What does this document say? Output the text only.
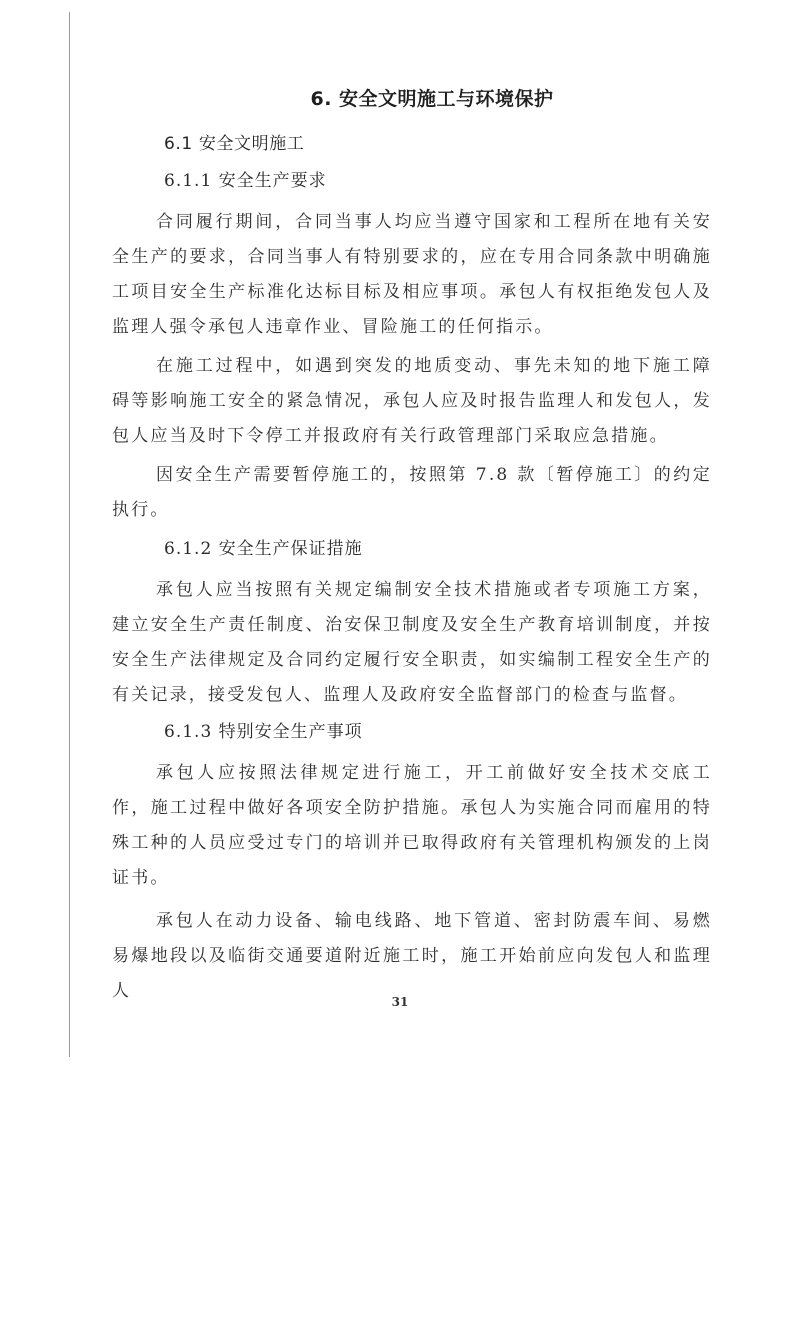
6. 安全文明施工与环境保护
6.1 安全文明施工
6.1.1 安全生产要求

合同履行期间，合同当事人均应当遵守国家和工程所在地有关安全生产的要求，合同当事人有特别要求的，应在专用合同条款中明确施工项目安全生产标准化达标目标及相应事项。承包人有权拒绝发包人及监理人强令承包人违章作业、冒险施工的任何指示。

在施工过程中，如遇到突发的地质变动、事先未知的地下施工障碍等影响施工安全的紧急情况，承包人应及时报告监理人和发包人，发包人应当及时下令停工并报政府有关行政管理部门采取应急措施。

因安全生产需要暂停施工的，按照第 7.8 款〔暂停施工〕的约定执行。

6.1.2 安全生产保证措施

承包人应当按照有关规定编制安全技术措施或者专项施工方案，建立安全生产责任制度、治安保卫制度及安全生产教育培训制度，并按安全生产法律规定及合同约定履行安全职责，如实编制工程安全生产的有关记录，接受发包人、监理人及政府安全监督部门的检查与监督。

6.1.3 特别安全生产事项

承包人应按照法律规定进行施工，开工前做好安全技术交底工作，施工过程中做好各项安全防护措施。承包人为实施合同而雇用的特殊工种的人员应受过专门的培训并已取得政府有关管理机构颁发的上岗证书。

承包人在动力设备、输电线路、地下管道、密封防震车间、易燃易爆地段以及临街交通要道附近施工时，施工开始前应向发包人和监理人

31
